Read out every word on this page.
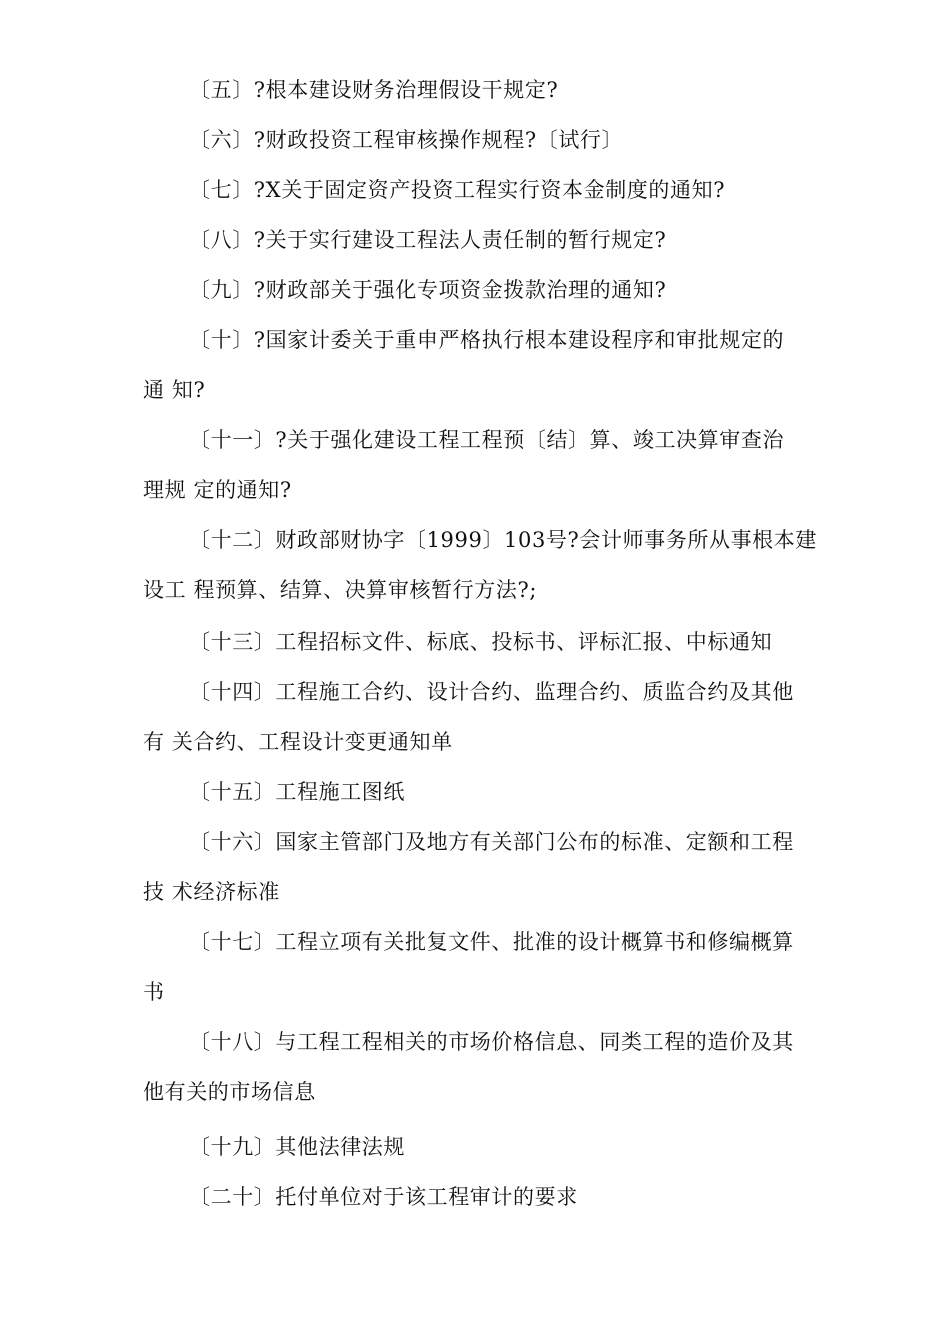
〔五〕?根本建设财务治理假设干规定?
〔六〕?财政投资工程审核操作规程?〔试行〕
〔七〕?X关于固定资产投资工程实行资本金制度的通知?
〔八〕?关于实行建设工程法人责任制的暂行规定?
〔九〕?财政部关于强化专项资金拨款治理的通知?
〔十〕?国家计委关于重申严格执行根本建设程序和审批规定的
通 知?
〔十一〕?关于强化建设工程工程预〔结〕算、竣工决算审查治
理规 定的通知?
〔十二〕财政部财协字〔1999〕103号?会计师事务所从事根本建
设工 程预算、结算、决算审核暂行方法?;
〔十三〕工程招标文件、标底、投标书、评标汇报、中标通知
〔十四〕工程施工合约、设计合约、监理合约、质监合约及其他
有 关合约、工程设计变更通知单
〔十五〕工程施工图纸
〔十六〕国家主管部门及地方有关部门公布的标准、定额和工程
技 术经济标准
〔十七〕工程立项有关批复文件、批准的设计概算书和修编概算
书
〔十八〕与工程工程相关的市场价格信息、同类工程的造价及其
他有关的市场信息
〔十九〕其他法律法规
〔二十〕托付单位对于该工程审计的要求
